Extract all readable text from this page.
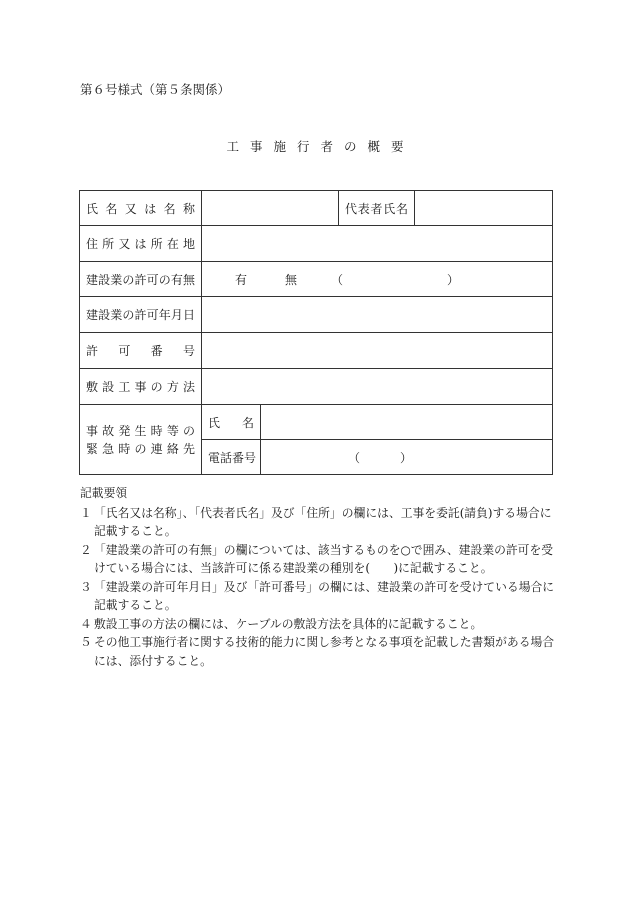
第６号様式（第５条関係）
工事施行者の概要
氏名又は名称			代表者氏名	
住所又は所在地				
建設業の許可の有無	有 無 （ ）			

建設業の許可年月日				
許可番号				
敷設工事の方法				

事故発生時等の
緊急時の連絡先	氏名			
	電話番号	（ ）		
記載要領
１ 「氏名又は名称」、「代表者氏名」及び「住所」の欄には、工事を委託(請負)する場合に記載すること。
２ 「建設業の許可の有無」の欄については、該当するものを○で囲み、建設業の許可を受けている場合には、当該許可に係る建設業の種別を(　　)に記載すること。
３ 「建設業の許可年月日」及び「許可番号」の欄には、建設業の許可を受けている場合に記載すること。
４ 敷設工事の方法の欄には、ケーブルの敷設方法を具体的に記載すること。
５ その他工事施行者に関する技術的能力に関し参考となる事項を記載した書類がある場合には、添付すること。
